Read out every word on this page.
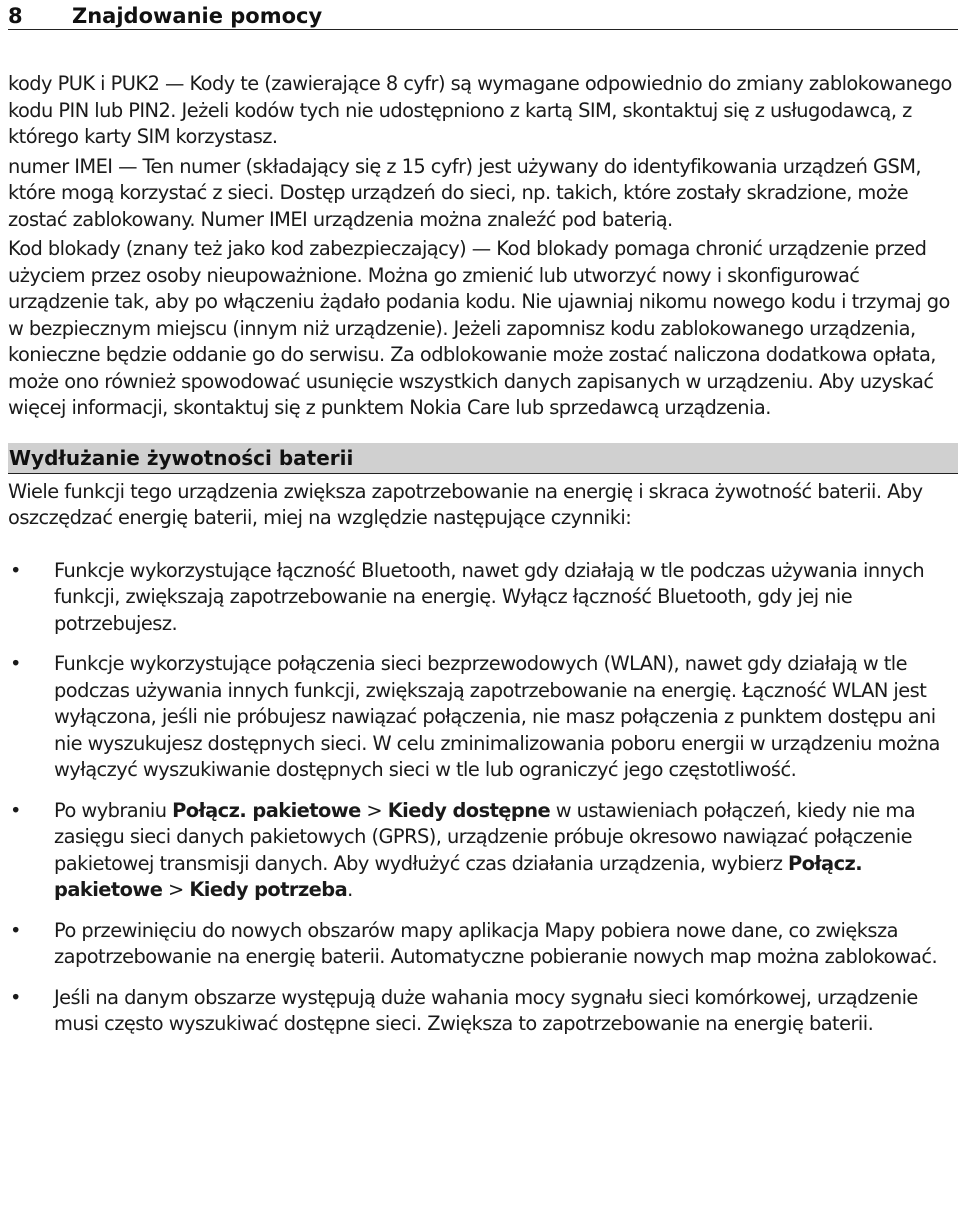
8	Znajdowanie pomocy

kody PUK i PUK2 — Kody te (zawierające 8 cyfr) są wymagane odpowiednio do zmiany zablokowanego kodu PIN lub PIN2. Jeżeli kodów tych nie udostępniono z kartą SIM, skontaktuj się z usługodawcą, z którego karty SIM korzystasz.

numer IMEI — Ten numer (składający się z 15 cyfr) jest używany do identyfikowania urządzeń GSM, które mogą korzystać z sieci. Dostęp urządzeń do sieci, np. takich, które zostały skradzione, może zostać zablokowany. Numer IMEI urządzenia można znaleźć pod baterią.

Kod blokady (znany też jako kod zabezpieczający) — Kod blokady pomaga chronić urządzenie przed użyciem przez osoby nieupoważnione. Można go zmienić lub utworzyć nowy i skonfigurować urządzenie tak, aby po włączeniu żądało podania kodu. Nie ujawniaj nikomu nowego kodu i trzymaj go w bezpiecznym miejscu (innym niż urządzenie). Jeżeli zapomnisz kodu zablokowanego urządzenia, konieczne będzie oddanie go do serwisu. Za odblokowanie może zostać naliczona dodatkowa opłata, może ono również spowodować usunięcie wszystkich danych zapisanych w urządzeniu. Aby uzyskać więcej informacji, skontaktuj się z punktem Nokia Care lub sprzedawcą urządzenia.

Wydłużanie żywotności baterii

Wiele funkcji tego urządzenia zwiększa zapotrzebowanie na energię i skraca żywotność baterii. Aby oszczędzać energię baterii, miej na względzie następujące czynniki:

• Funkcje wykorzystujące łączność Bluetooth, nawet gdy działają w tle podczas używania innych funkcji, zwiększają zapotrzebowanie na energię. Wyłącz łączność Bluetooth, gdy jej nie potrzebujesz.
• Funkcje wykorzystujące połączenia sieci bezprzewodowych (WLAN), nawet gdy działają w tle podczas używania innych funkcji, zwiększają zapotrzebowanie na energię. Łączność WLAN jest wyłączona, jeśli nie próbujesz nawiązać połączenia, nie masz połączenia z punktem dostępu ani nie wyszukujesz dostępnych sieci. W celu zminimalizowania poboru energii w urządzeniu można wyłączyć wyszukiwanie dostępnych sieci w tle lub ograniczyć jego częstotliwość.
• Po wybraniu Połącz. pakietowe > Kiedy dostępne w ustawieniach połączeń, kiedy nie ma zasięgu sieci danych pakietowych (GPRS), urządzenie próbuje okresowo nawiązać połączenie pakietowej transmisji danych. Aby wydłużyć czas działania urządzenia, wybierz Połącz. pakietowe > Kiedy potrzeba.
• Po przewinięciu do nowych obszarów mapy aplikacja Mapy pobiera nowe dane, co zwiększa zapotrzebowanie na energię baterii. Automatyczne pobieranie nowych map można zablokować.
• Jeśli na danym obszarze występują duże wahania mocy sygnału sieci komórkowej, urządzenie musi często wyszukiwać dostępne sieci. Zwiększa to zapotrzebowanie na energię baterii.
